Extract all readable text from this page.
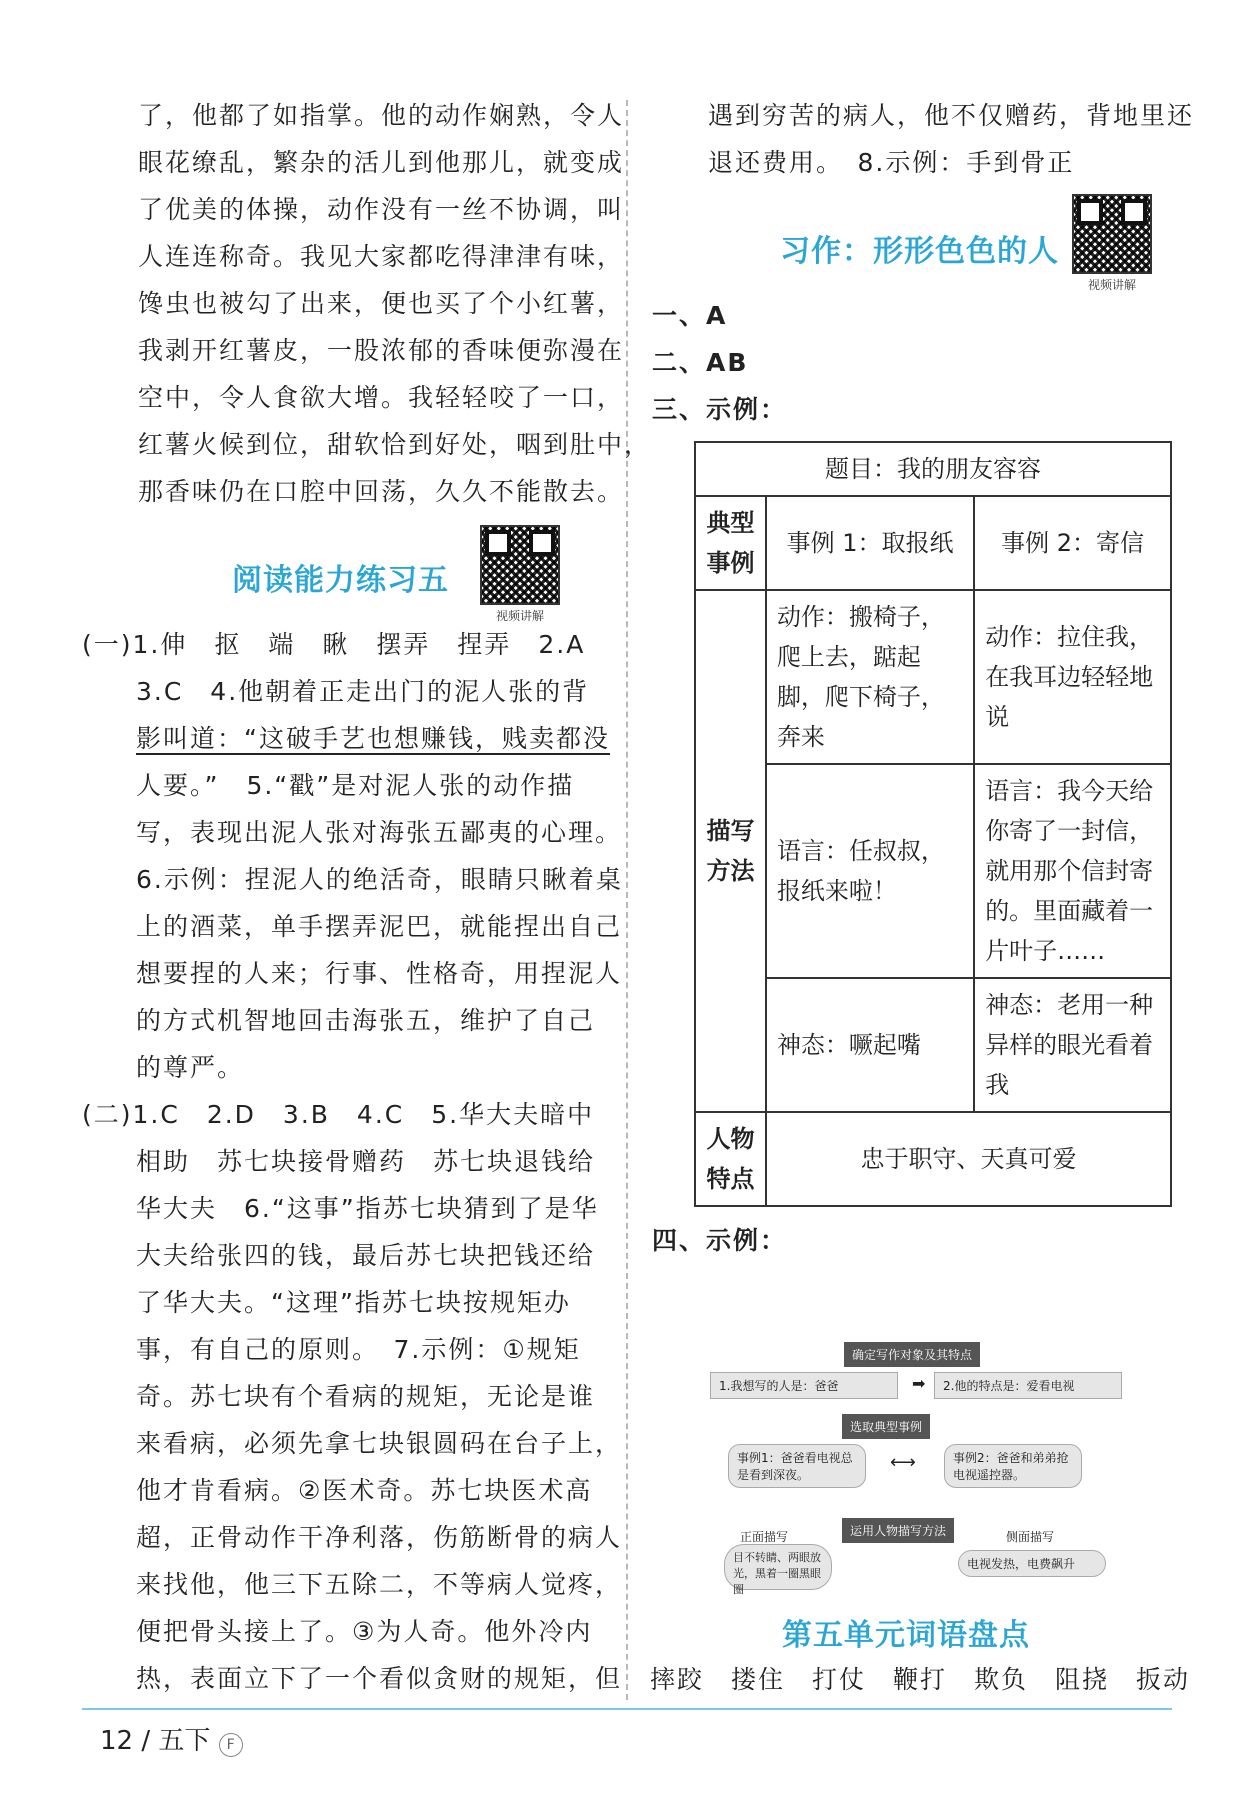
了，他都了如指掌。他的动作娴熟，令人
眼花缭乱，繁杂的活儿到他那儿，就变成
了优美的体操，动作没有一丝不协调，叫
人连连称奇。我见大家都吃得津津有味，
馋虫也被勾了出来，便也买了个小红薯，
我剥开红薯皮，一股浓郁的香味便弥漫在
空中，令人食欲大增。我轻轻咬了一口，
红薯火候到位，甜软恰到好处，咽到肚中，
那香味仍在口腔中回荡，久久不能散去。
阅读能力练习五
视频讲解
(一)1.伸　抠　端　瞅　摆弄　捏弄　2.A
3.C　4.他朝着正走出门的泥人张的背
影叫道：“这破手艺也想赚钱，贱卖都没
人要。”　5.“戳”是对泥人张的动作描
写，表现出泥人张对海张五鄙夷的心理。
6.示例：捏泥人的绝活奇，眼睛只瞅着桌
上的酒菜，单手摆弄泥巴，就能捏出自己
想要捏的人来；行事、性格奇，用捏泥人
的方式机智地回击海张五，维护了自己
的尊严。
(二)1.C　2.D　3.B　4.C　5.华大夫暗中
相助　苏七块接骨赠药　苏七块退钱给
华大夫　6.“这事”指苏七块猜到了是华
大夫给张四的钱，最后苏七块把钱还给
了华大夫。“这理”指苏七块按规矩办
事，有自己的原则。　7.示例：①规矩
奇。苏七块有个看病的规矩，无论是谁
来看病，必须先拿七块银圆码在台子上，
他才肯看病。②医术奇。苏七块医术高
超，正骨动作干净利落，伤筋断骨的病人
来找他，他三下五除二，不等病人觉疼，
便把骨头接上了。③为人奇。他外冷内
热，表面立下了一个看似贪财的规矩，但
遇到穷苦的病人，他不仅赠药，背地里还
退还费用。　8.示例：手到骨正
习作：形形色色的人
视频讲解
一、A
二、AB
三、示例：
题目：我的朋友容容		
典型事例	事例 1：取报纸	事例 2：寄信
描写方法	动作：搬椅子，爬上去，踮起脚，爬下椅子，奔来	动作：拉住我，在我耳边轻轻地说
	语言：任叔叔，报纸来啦！	语言：我今天给你寄了一封信，就用那个信封寄的。里面藏着一片叶子……
	神态：噘起嘴	神态：老用一种异样的眼光看着我
人物特点	忠于职守、天真可爱	
四、示例：
确定写作对象及其特点
1.我想写的人是：爸爸	➡	2.他的特点是：爱看电视
选取典型事例
事例1：爸爸看电视总是看到深夜。
⟷	事例2：爸爸和弟弟抢电视遥控器。
运用人物描写方法
正面描写	侧面描写
目不转睛、两眼放光，黑着一圈黑眼圈
电视发热，电费飙升
第五单元词语盘点
摔跤　搂住　打仗　鞭打　欺负　阻挠　扳动
12 / 五下 F
